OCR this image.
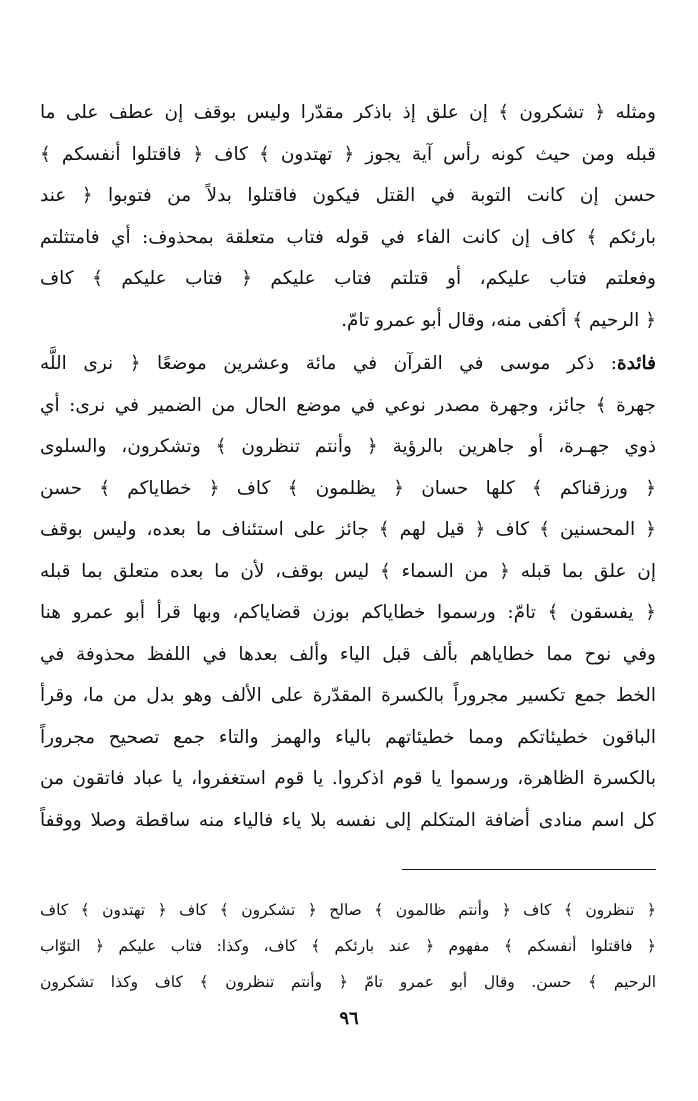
ومثله ﴿ تشكرون ﴾ إن علق إذ باذكر مقدّرا وليس بوقف إن عطف على ما
قبله ومن حيث كونه رأس آية يجوز ﴿ تهتدون ﴾ كاف ﴿ فاقتلوا أنفسكم ﴾
حسن إن كانت التوبة في القتل فيكون فاقتلوا بدلاً من فتوبوا ﴿ عند
بارئكم ﴾ كاف إن كانت الفاء في قوله فتاب متعلقة بمحذوف: أي فامتثلتم
وفعلتم فتاب عليكم، أو قتلتم فتاب عليكم ﴿ فتاب عليكم ﴾ كاف
﴿ الرحيم ﴾ أكفى منه، وقال أبو عمرو تامّ.
فائدة: ذكر موسى في القرآن في مائة وعشرين موضعًا ﴿ نرى اللَّه
جهرة ﴾ جائز، وجهرة مصدر نوعي في موضع الحال من الضمير في نرى: أي
ذوي جهـرة، أو جاهرين بالرؤية ﴿ وأنتم تنظرون ﴾ وتشكرون، والسلوى
﴿ ورزقناكم ﴾ كلها حسان ﴿ يظلمون ﴾ كاف ﴿ خطاياكم ﴾ حسن
﴿ المحسنين ﴾ كاف ﴿ قيل لهم ﴾ جائز على استئناف ما بعده، وليس بوقف
إن علق بما قبله ﴿ من السماء ﴾ ليس بوقف، لأن ما بعده متعلق بما قبله
﴿ يفسقون ﴾ تامّ: ورسموا خطاياكم بوزن قضاياكم، وبها قرأ أبو عمرو هنا
وفي نوح مما خطاياهم بألف قبل الياء وألف بعدها في اللفظ محذوفة في
الخط جمع تكسير مجروراً بالكسرة المقدّرة على الألف وهو بدل من ما، وقرأ
الباقون خطيئاتكم ومما خطيئاتهم بالياء والهمز والتاء جمع تصحيح مجروراً
بالكسرة الظاهرة، ورسموا يا قوم اذكروا. يا قوم استغفروا، يا عباد فاتقون من
كل اسم منادى أضافة المتكلم إلى نفسه بلا ياء فالياء منه ساقطة وصلا ووقفاً
﴿ تنظرون ﴾ كاف ﴿ وأنتم ظالمون ﴾ صالح ﴿ تشكرون ﴾ كاف ﴿ تهتدون ﴾ كاف
﴿ فاقتلوا أنفسكم ﴾ مفهوم ﴿ عند بارئكم ﴾ كاف، وكذا: فتاب عليكم ﴿ التوّاب
الرحيم ﴾ حسن. وقال أبو عمرو تامّ ﴿ وأنتم تنظرون ﴾ كاف وكذا تشكرون
٩٦
